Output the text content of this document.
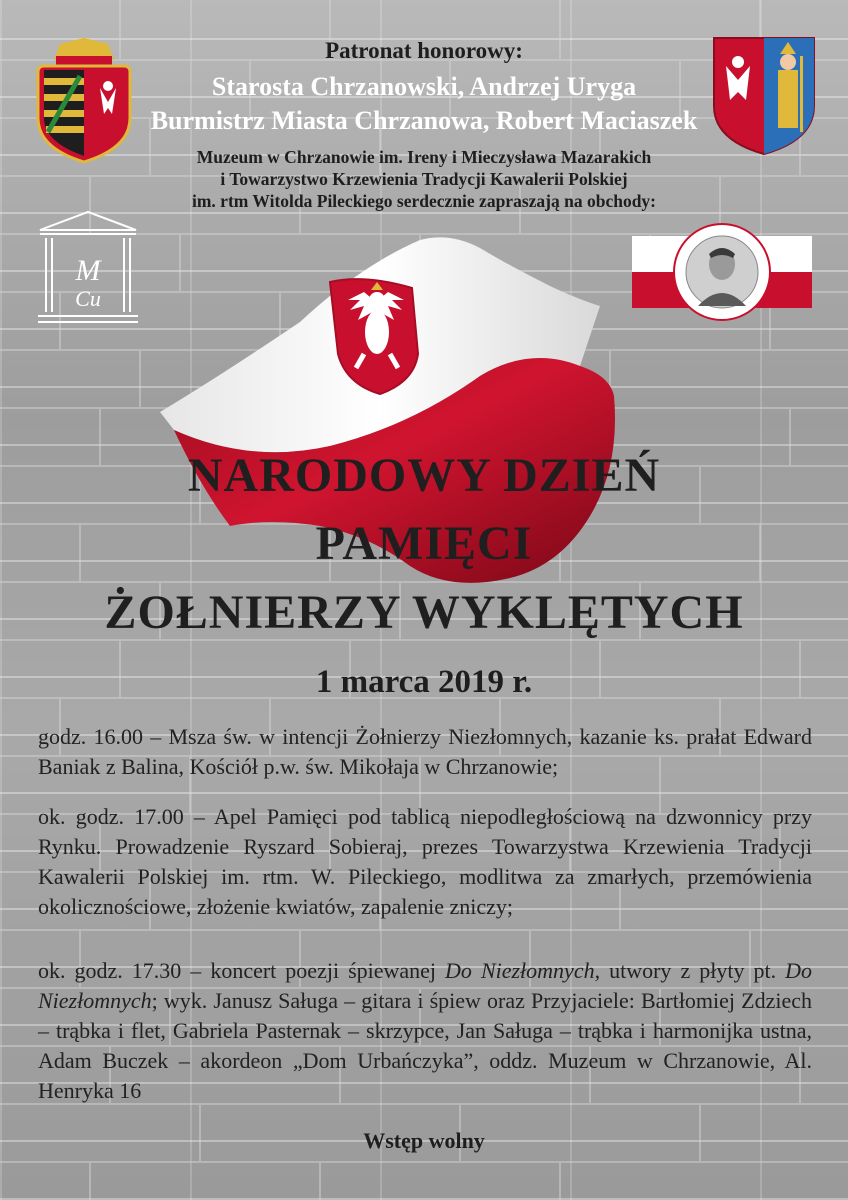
M
Cu
Patronat honorowy:
Starosta Chrzanowski, Andrzej Uryga
Burmistrz Miasta Chrzanowa, Robert Maciaszek
Muzeum w Chrzanowie im. Ireny i Mieczysława Mazarakich
i Towarzystwo Krzewienia Tradycji Kawalerii Polskiej
im. rtm Witolda Pileckiego serdecznie zapraszają na obchody:
NARODOWY DZIEŃ
PAMIĘCI
ŻOŁNIERZY WYKLĘTYCH
1 marca 2019 r.
godz. 16.00 – Msza św. w intencji Żołnierzy Niezłomnych, kazanie ks. prałat Edward Baniak z Balina, Kościół p.w. św. Mikołaja w Chrzanowie;
ok. godz. 17.00 – Apel Pamięci pod tablicą niepodległościową na dzwonnicy przy Rynku. Prowadzenie Ryszard Sobieraj, prezes Towarzystwa Krzewienia Tradycji Kawalerii Polskiej im. rtm. W. Pileckiego, modlitwa za zmarłych, przemówienia okolicznościowe, złożenie kwiatów, zapalenie zniczy;
ok. godz. 17.30 – koncert poezji śpiewanej Do Niezłomnych, utwory z płyty pt. Do Niezłomnych; wyk. Janusz Saługa – gitara i śpiew oraz Przyjaciele: Bartłomiej Zdziech – trąbka i flet, Gabriela Pasternak – skrzypce, Jan Saługa – trąbka i harmonijka ustna, Adam Buczek – akordeon „Dom Urbańczyka”, oddz. Muzeum w Chrzanowie, Al. Henryka 16
Wstęp wolny
